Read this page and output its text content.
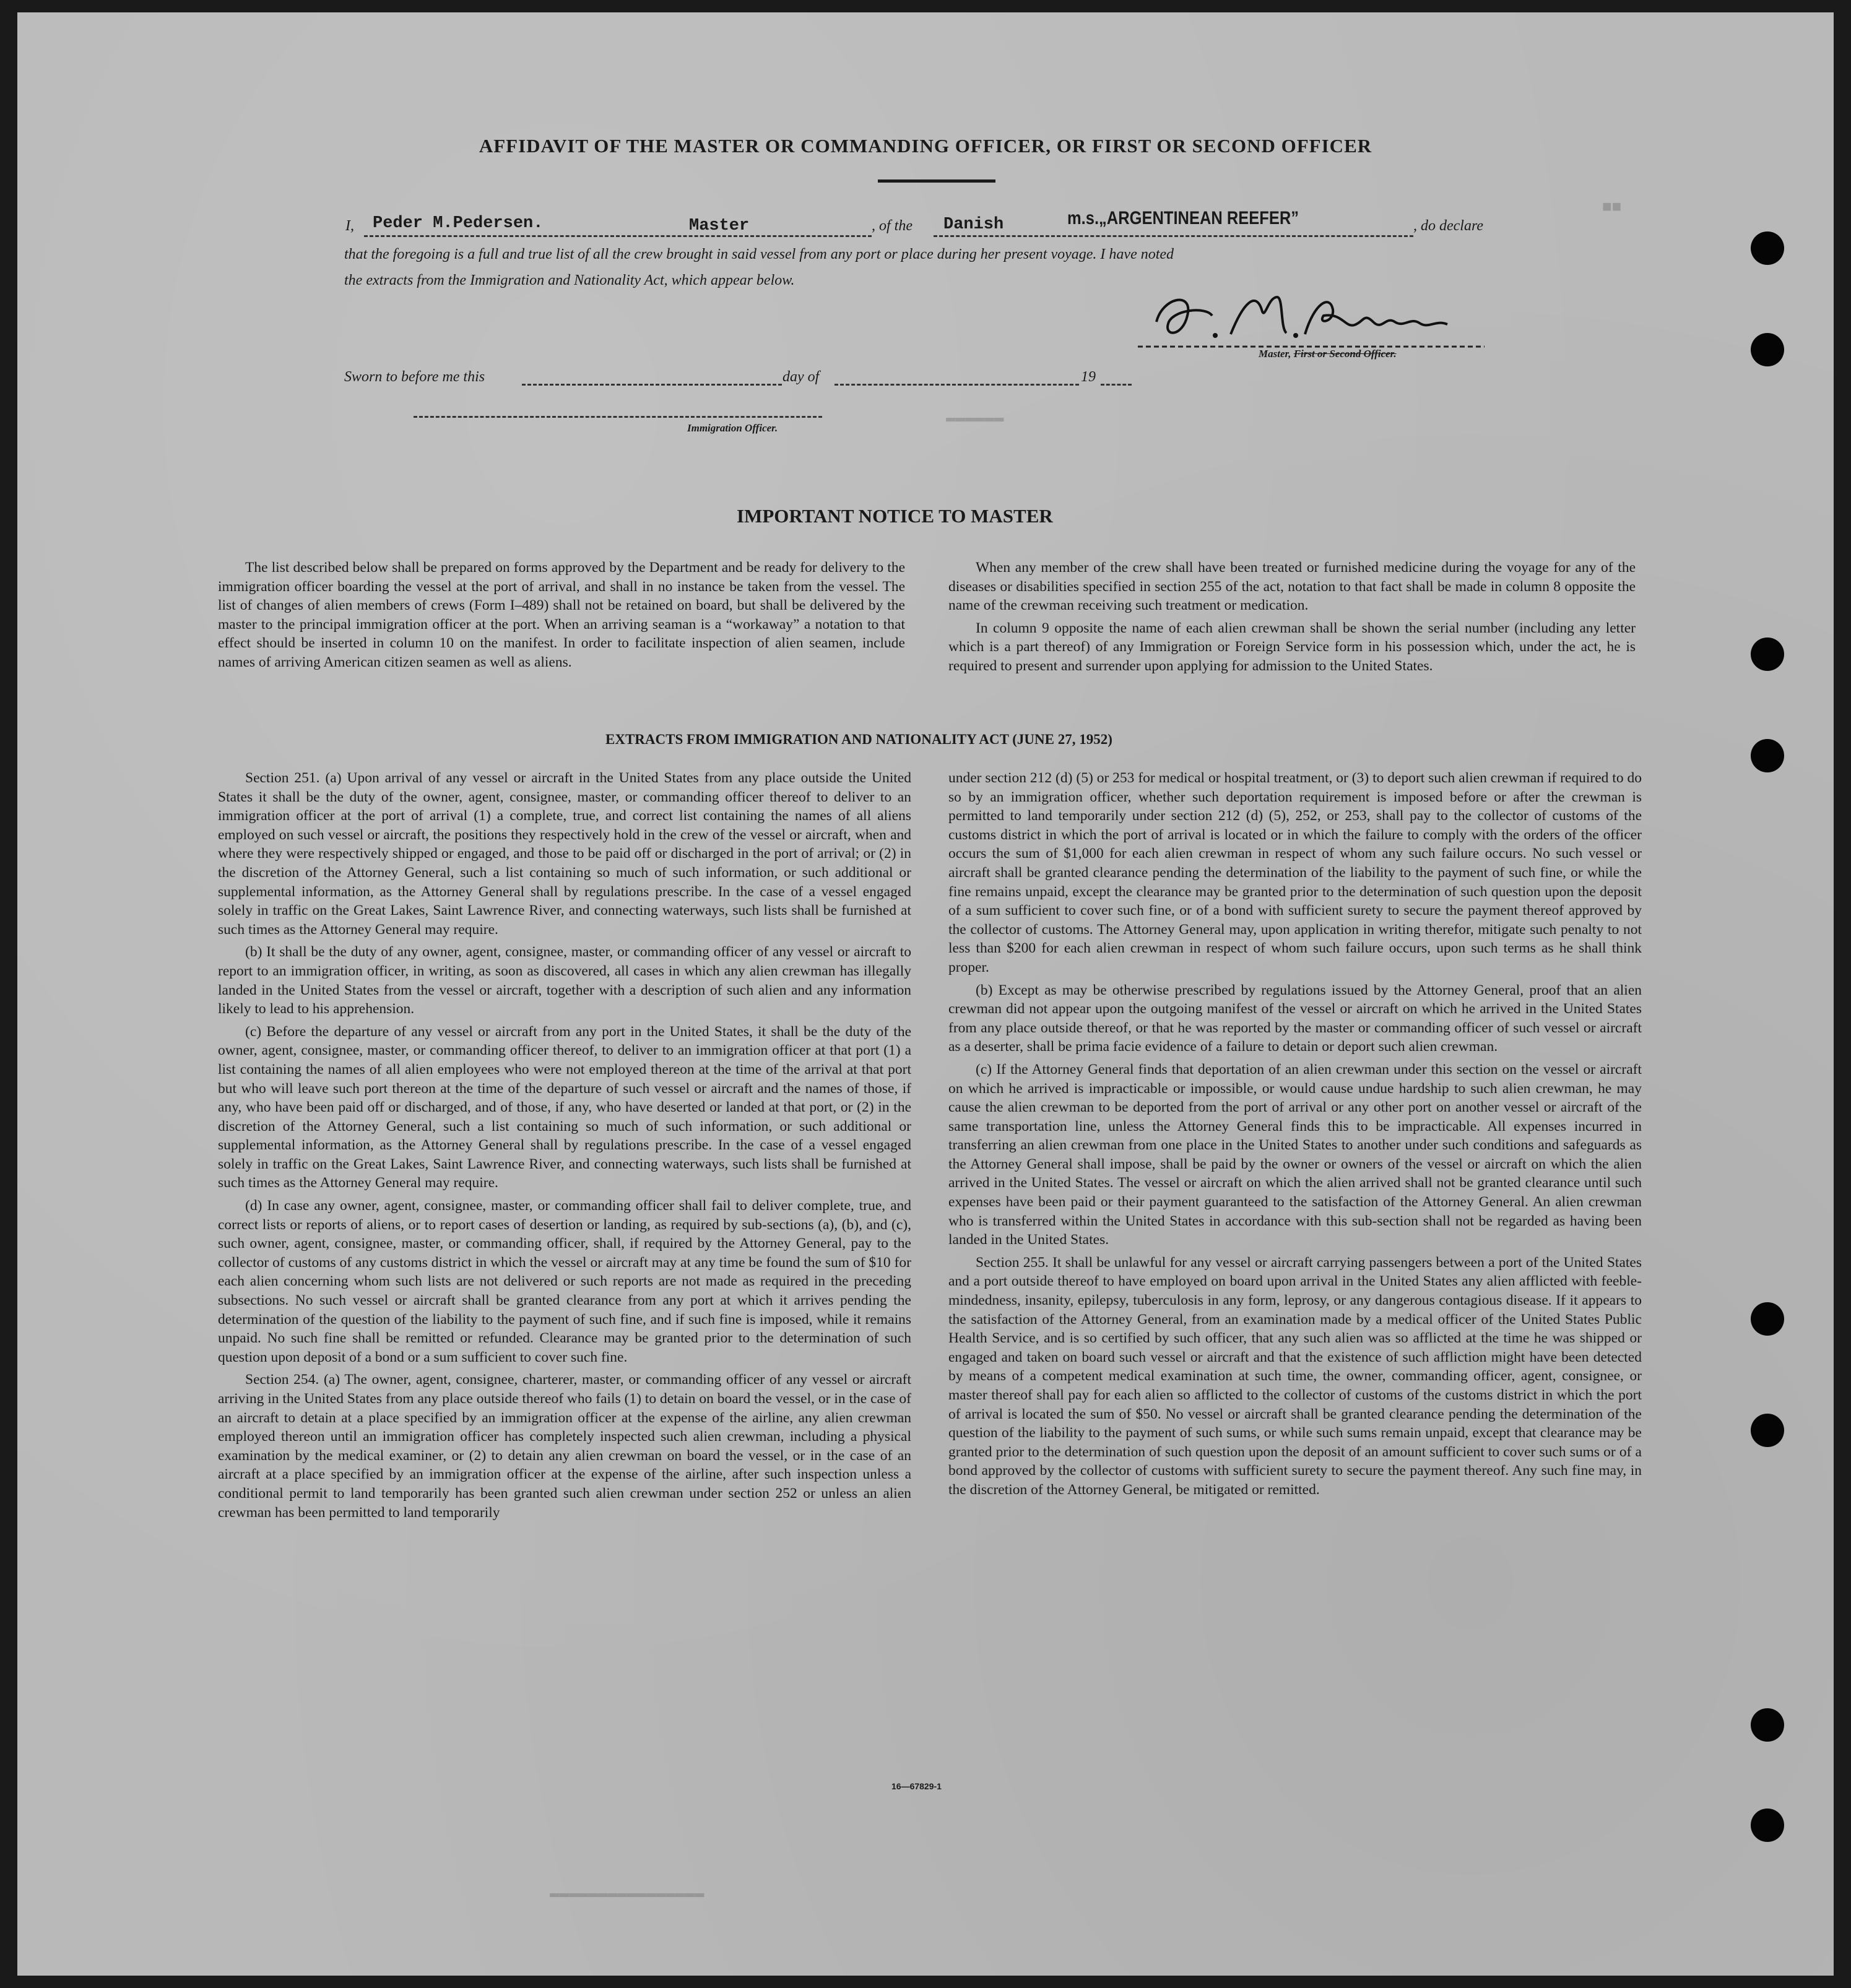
■■
▬▬▬▬▬▬
▬▬▬▬▬▬▬▬▬▬▬▬▬▬▬▬
AFFIDAVIT OF THE MASTER OR COMMANDING OFFICER, OR FIRST OR SECOND OFFICER
I, Peder M.Pedersen.	Master	, of the Danish	m.s.„ARGENTINEAN REEFER”	, do declare
that the foregoing is a full and true list of all the crew brought in said vessel from any port or place during her present voyage. I have noted
the extracts from the Immigration and Nationality Act, which appear below.
Master, First or Second Officer.
Sworn to before me this	day of	19
Immigration Officer.
IMPORTANT NOTICE TO MASTER

The list described below shall be prepared on forms approved by the Department and be ready for delivery to the immigration officer boarding the vessel at the port of arrival, and shall in no instance be taken from the vessel. The list of changes of alien members of crews (Form I–489) shall not be retained on board, but shall be delivered by the master to the principal immigration officer at the port. When an arriving seaman is a “workaway” a notation to that effect should be inserted in column 10 on the manifest. In order to facilitate inspection of alien seamen, include names of arriving American citizen seamen as well as aliens.

When any member of the crew shall have been treated or furnished medicine during the voyage for any of the diseases or disabilities specified in section 255 of the act, notation to that fact shall be made in column 8 opposite the name of the crewman receiving such treatment or medication.

In column 9 opposite the name of each alien crewman shall be shown the serial number (including any letter which is a part thereof) of any Immigration or Foreign Service form in his possession which, under the act, he is required to present and surrender upon applying for admission to the United States.

EXTRACTS FROM IMMIGRATION AND NATIONALITY ACT (JUNE 27, 1952)

Section 251. (a) Upon arrival of any vessel or aircraft in the United States from any place outside the United States it shall be the duty of the owner, agent, consignee, master, or commanding officer thereof to deliver to an immigration officer at the port of arrival (1) a complete, true, and correct list containing the names of all aliens employed on such vessel or aircraft, the positions they respectively hold in the crew of the vessel or aircraft, when and where they were respectively shipped or engaged, and those to be paid off or discharged in the port of arrival; or (2) in the discretion of the Attorney General, such a list containing so much of such information, or such additional or supplemental information, as the Attorney General shall by regulations prescribe. In the case of a vessel engaged solely in traffic on the Great Lakes, Saint Lawrence River, and connecting waterways, such lists shall be furnished at such times as the Attorney General may require.

(b) It shall be the duty of any owner, agent, consignee, master, or commanding officer of any vessel or aircraft to report to an immigration officer, in writing, as soon as discovered, all cases in which any alien crewman has illegally landed in the United States from the vessel or aircraft, together with a description of such alien and any information likely to lead to his apprehension.

(c) Before the departure of any vessel or aircraft from any port in the United States, it shall be the duty of the owner, agent, consignee, master, or commanding officer thereof, to deliver to an immigration officer at that port (1) a list containing the names of all alien employees who were not employed thereon at the time of the arrival at that port but who will leave such port thereon at the time of the departure of such vessel or aircraft and the names of those, if any, who have been paid off or discharged, and of those, if any, who have deserted or landed at that port, or (2) in the discretion of the Attorney General, such a list containing so much of such information, or such additional or supplemental information, as the Attorney General shall by regulations prescribe. In the case of a vessel engaged solely in traffic on the Great Lakes, Saint Lawrence River, and connecting waterways, such lists shall be furnished at such times as the Attorney General may require.

(d) In case any owner, agent, consignee, master, or commanding officer shall fail to deliver complete, true, and correct lists or reports of aliens, or to report cases of desertion or landing, as required by sub-sections (a), (b), and (c), such owner, agent, consignee, master, or commanding officer, shall, if required by the Attorney General, pay to the collector of customs of any customs district in which the vessel or aircraft may at any time be found the sum of $10 for each alien concerning whom such lists are not delivered or such reports are not made as required in the preceding subsections. No such vessel or aircraft shall be granted clearance from any port at which it arrives pending the determination of the question of the liability to the payment of such fine, and if such fine is imposed, while it remains unpaid. No such fine shall be remitted or refunded. Clearance may be granted prior to the determination of such question upon deposit of a bond or a sum sufficient to cover such fine.

Section 254. (a) The owner, agent, consignee, charterer, master, or commanding officer of any vessel or aircraft arriving in the United States from any place outside thereof who fails (1) to detain on board the vessel, or in the case of an aircraft to detain at a place specified by an immigration officer at the expense of the airline, any alien crewman employed thereon until an immigration officer has completely inspected such alien crewman, including a physical examination by the medical examiner, or (2) to detain any alien crewman on board the vessel, or in the case of an aircraft at a place specified by an immigration officer at the expense of the airline, after such inspection unless a conditional permit to land temporarily has been granted such alien crewman under section 252 or unless an alien crewman has been permitted to land temporarily

under section 212 (d) (5) or 253 for medical or hospital treatment, or (3) to deport such alien crewman if required to do so by an immigration officer, whether such deportation requirement is imposed before or after the crewman is permitted to land temporarily under section 212 (d) (5), 252, or 253, shall pay to the collector of customs of the customs district in which the port of arrival is located or in which the failure to comply with the orders of the officer occurs the sum of $1,000 for each alien crewman in respect of whom any such failure occurs. No such vessel or aircraft shall be granted clearance pending the determination of the liability to the payment of such fine, or while the fine remains unpaid, except the clearance may be granted prior to the determination of such question upon the deposit of a sum sufficient to cover such fine, or of a bond with sufficient surety to secure the payment thereof approved by the collector of customs. The Attorney General may, upon application in writing therefor, mitigate such penalty to not less than $200 for each alien crewman in respect of whom such failure occurs, upon such terms as he shall think proper.

(b) Except as may be otherwise prescribed by regulations issued by the Attorney General, proof that an alien crewman did not appear upon the outgoing manifest of the vessel or aircraft on which he arrived in the United States from any place outside thereof, or that he was reported by the master or commanding officer of such vessel or aircraft as a deserter, shall be prima facie evidence of a failure to detain or deport such alien crewman.

(c) If the Attorney General finds that deportation of an alien crewman under this section on the vessel or aircraft on which he arrived is impracticable or impossible, or would cause undue hardship to such alien crewman, he may cause the alien crewman to be deported from the port of arrival or any other port on another vessel or aircraft of the same transportation line, unless the Attorney General finds this to be impracticable. All expenses incurred in transferring an alien crewman from one place in the United States to another under such conditions and safeguards as the Attorney General shall impose, shall be paid by the owner or owners of the vessel or aircraft on which the alien arrived in the United States. The vessel or aircraft on which the alien arrived shall not be granted clearance until such expenses have been paid or their payment guaranteed to the satisfaction of the Attorney General. An alien crewman who is transferred within the United States in accordance with this sub-section shall not be regarded as having been landed in the United States.

Section 255. It shall be unlawful for any vessel or aircraft carrying passengers between a port of the United States and a port outside thereof to have employed on board upon arrival in the United States any alien afflicted with feeble-mindedness, insanity, epilepsy, tuberculosis in any form, leprosy, or any dangerous contagious disease. If it appears to the satisfaction of the Attorney General, from an examination made by a medical officer of the United States Public Health Service, and is so certified by such officer, that any such alien was so afflicted at the time he was shipped or engaged and taken on board such vessel or aircraft and that the existence of such affliction might have been detected by means of a competent medical examination at such time, the owner, commanding officer, agent, consignee, or master thereof shall pay for each alien so afflicted to the collector of customs of the customs district in which the port of arrival is located the sum of $50. No vessel or aircraft shall be granted clearance pending the determination of the question of the liability to the payment of such sums, or while such sums remain unpaid, except that clearance may be granted prior to the determination of such question upon the deposit of an amount sufficient to cover such sums or of a bond approved by the collector of customs with sufficient surety to secure the payment thereof. Any such fine may, in the discretion of the Attorney General, be mitigated or remitted.

16—67829-1
